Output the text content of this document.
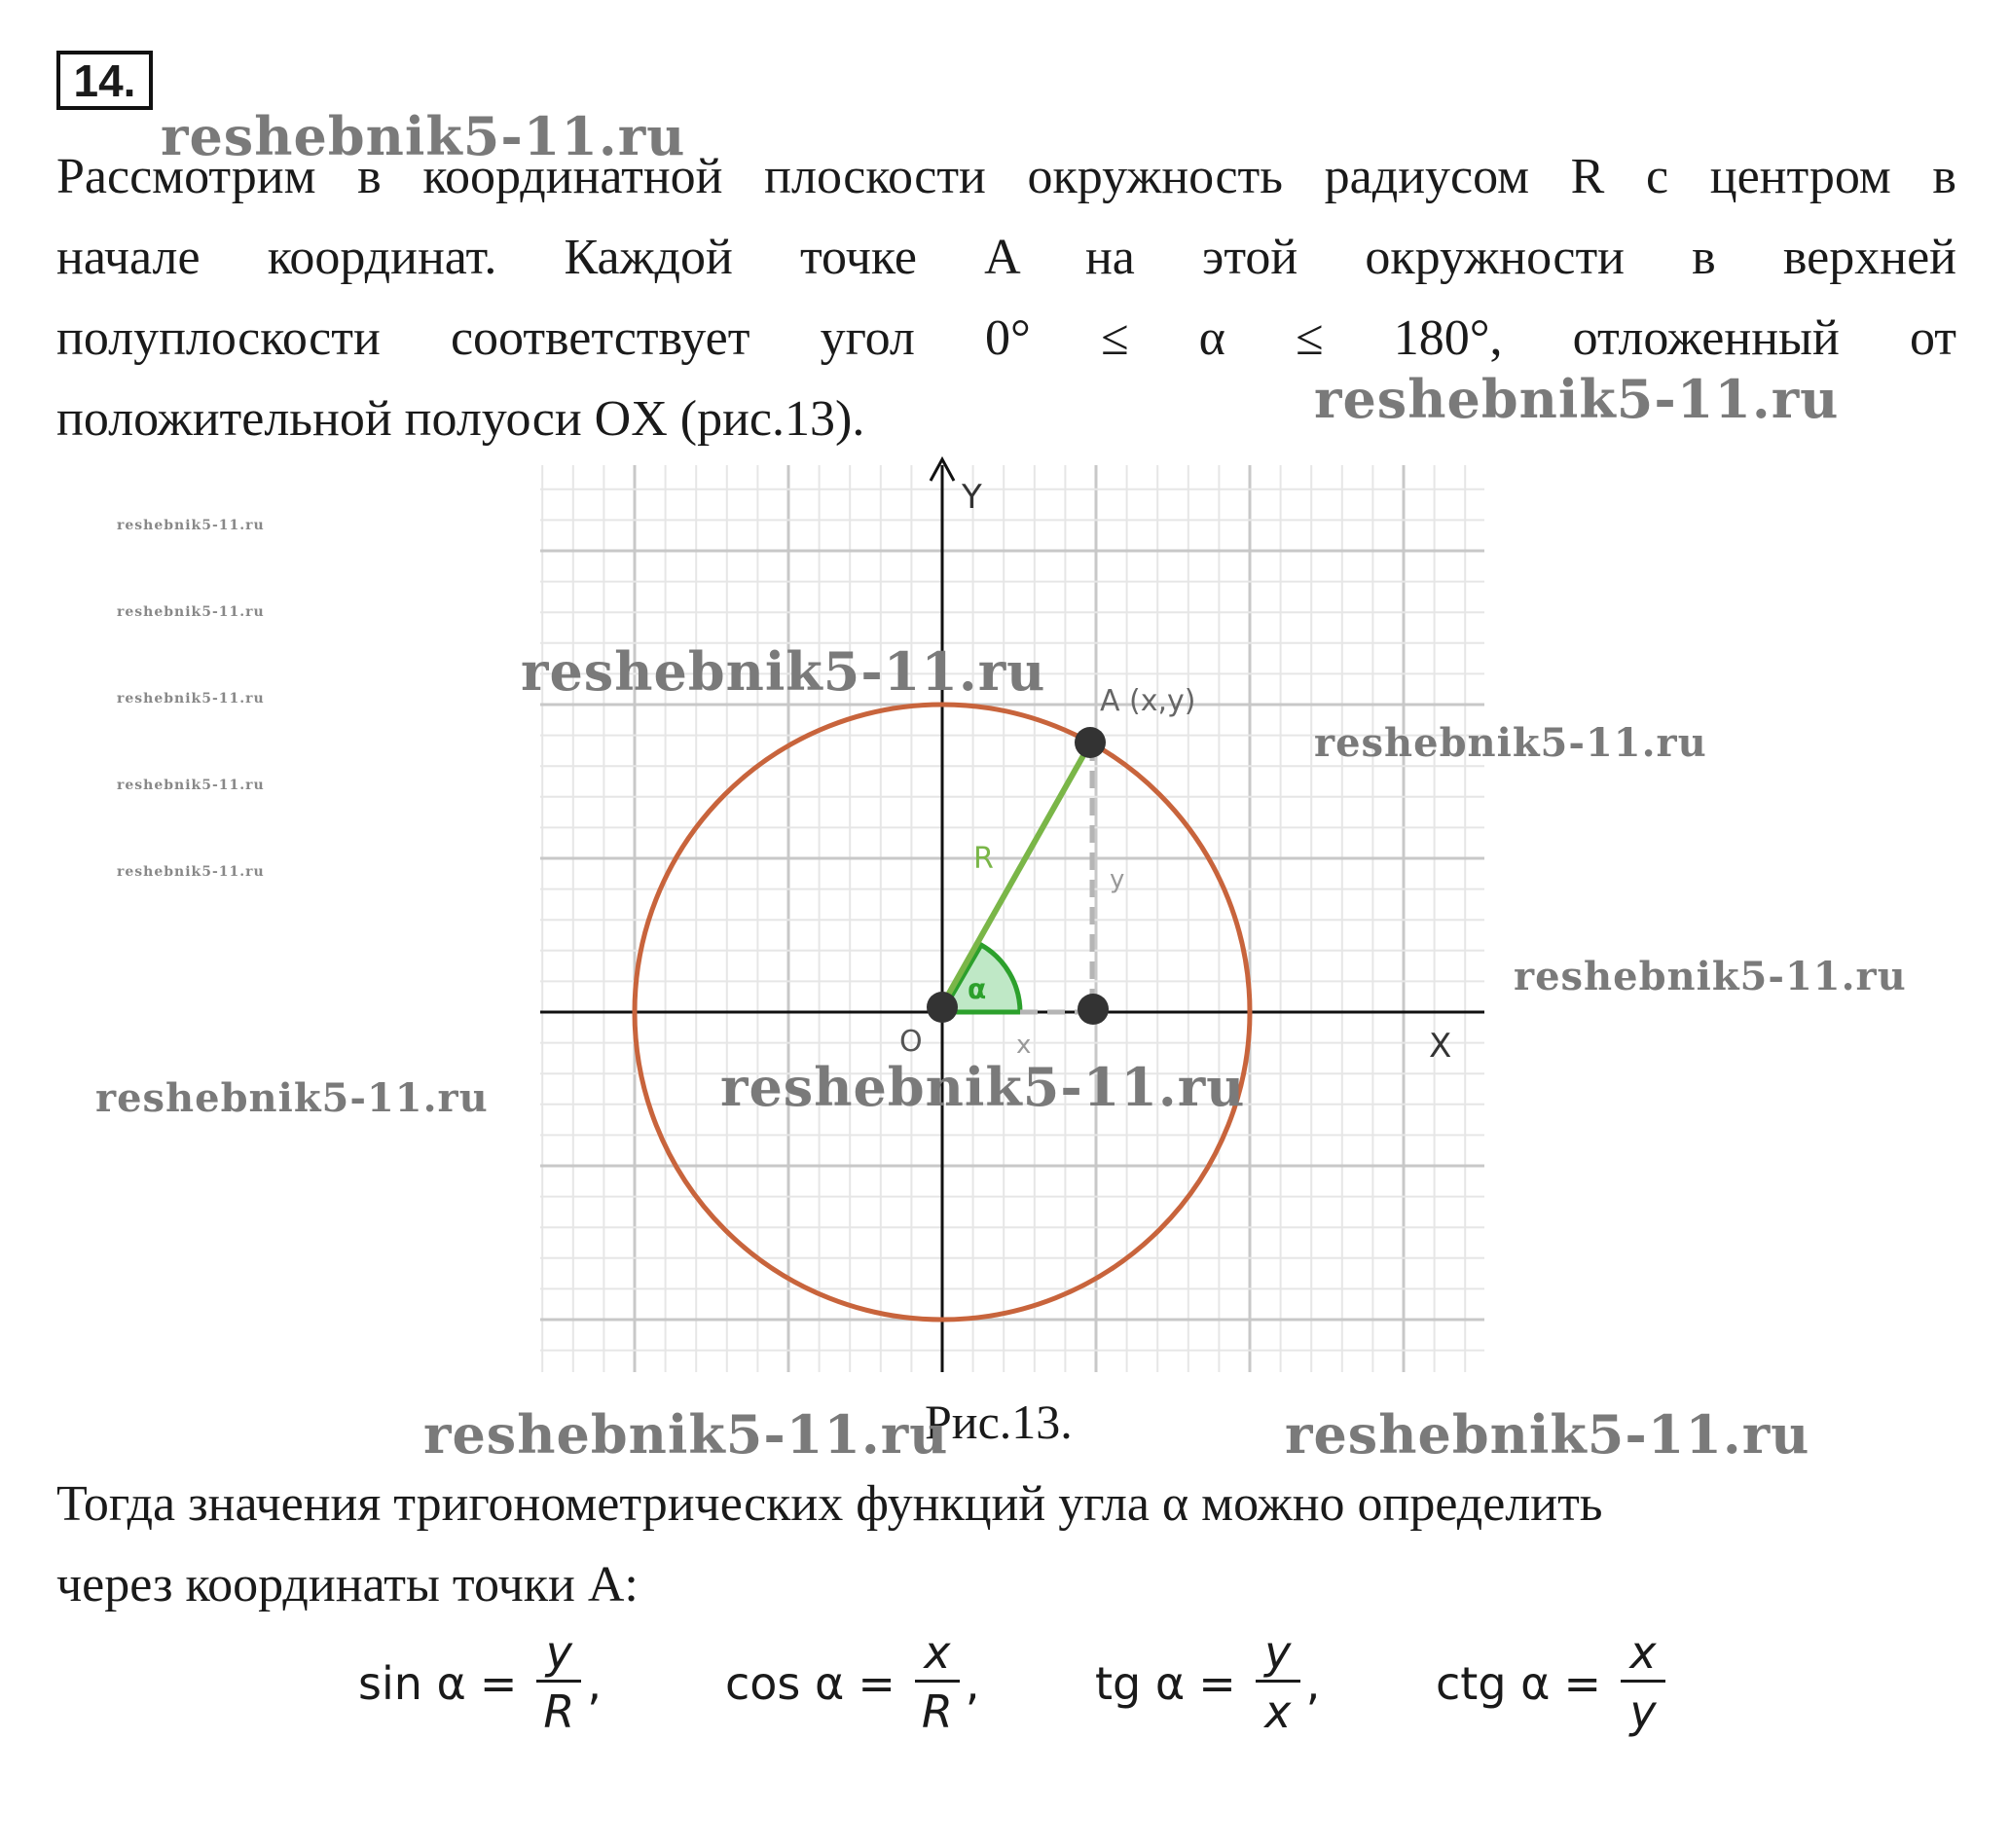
14.
Рассмотрим в координатной плоскости окружность радиусом R с центром в
начале координат. Каждой точке A на этой окружности в верхней
полуплоскости соответствует угол 0° ≤ α ≤ 180°, отложенный от
положительной полуоси OX (рис.13).
Y
X
O
A (x,y)
R
α
x
y
Рис.13.
Тогда значения тригонометрических функций угла α можно определить
через координаты точки A:
$\sin \alpha = \frac{y}{R}$ ,	$\cos \alpha = \frac{x}{R}$ ,	tg $\alpha = \frac{y}{x}$ ,	ctg $\alpha = \frac{x}{y}$
reshebnik5-11.ru
reshebnik5-11.ru
reshebnik5-11.ru
reshebnik5-11.ru
reshebnik5-11.ru
reshebnik5-11.ru	reshebnik5-11.ru
reshebnik5-11.ru	reshebnik5-11.ru
reshebnik5-11.ru
reshebnik5-11.ru
reshebnik5-11.ru
reshebnik5-11.ru
reshebnik5-11.ru
